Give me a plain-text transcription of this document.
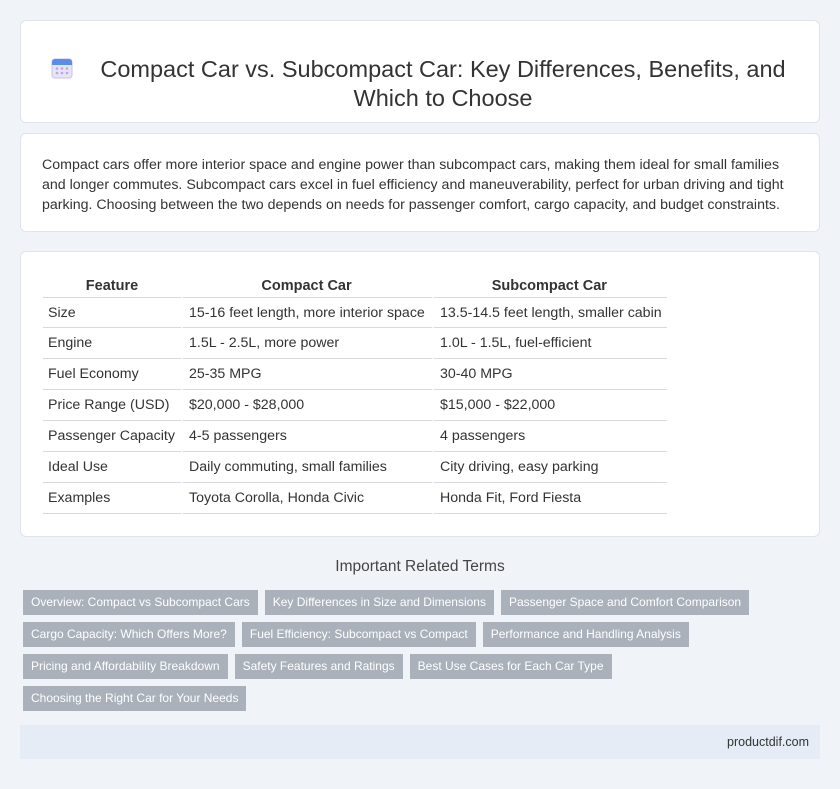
Compact Car vs. Subcompact Car: Key Differences, Benefits, and Which to Choose

Compact cars offer more interior space and engine power than subcompact cars, making them ideal for small families and longer commutes. Subcompact cars excel in fuel efficiency and maneuverability, perfect for urban driving and tight parking. Choosing between the two depends on needs for passenger comfort, cargo capacity, and budget constraints.

Feature	Compact Car	Subcompact Car
Size	15-16 feet length, more interior space	13.5-14.5 feet length, smaller cabin
Engine	1.5L - 2.5L, more power	1.0L - 1.5L, fuel-efficient
Fuel Economy	25-35 MPG	30-40 MPG
Price Range (USD)	$20,000 - $28,000	$15,000 - $22,000
Passenger Capacity	4-5 passengers	4 passengers
Ideal Use	Daily commuting, small families	City driving, easy parking
Examples	Toyota Corolla, Honda Civic	Honda Fit, Ford Fiesta
Important Related Terms
Overview: Compact vs Subcompact Cars	Key Differences in Size and Dimensions	Passenger Space and Comfort Comparison
Cargo Capacity: Which Offers More?	Fuel Efficiency: Subcompact vs Compact	Performance and Handling Analysis
Pricing and Affordability Breakdown	Safety Features and Ratings	Best Use Cases for Each Car Type
Choosing the Right Car for Your Needs
productdif.com
